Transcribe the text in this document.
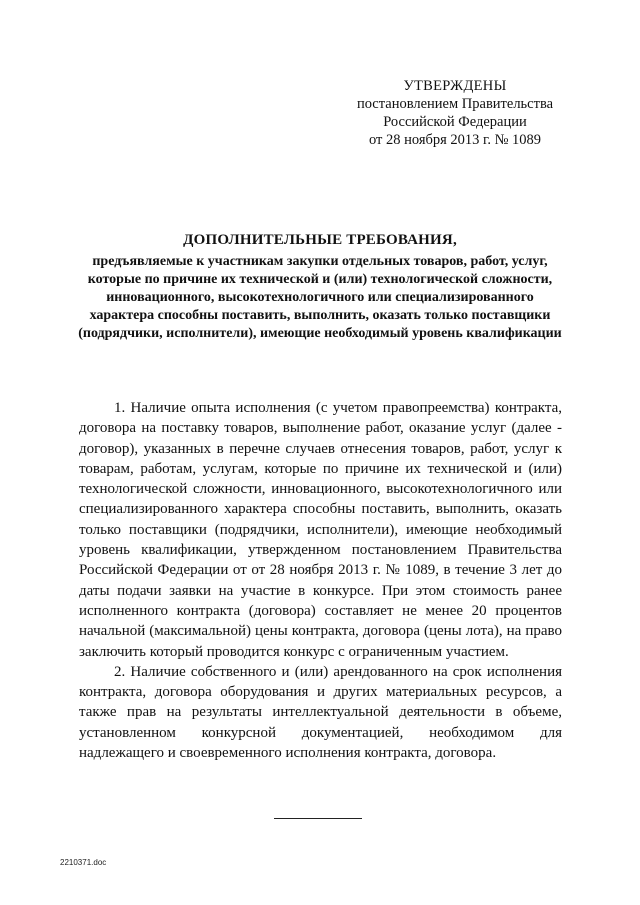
УТВЕРЖДЕНЫ
постановлением Правительства
Российской Федерации
от 28 ноября 2013 г. № 1089
ДОПОЛНИТЕЛЬНЫЕ ТРЕБОВАНИЯ,
предъявляемые к участникам закупки отдельных товаров, работ, услуг, которые по причине их технической и (или) технологической сложности, инновационного, высокотехнологичного или специализированного характера способны поставить, выполнить, оказать только поставщики (подрядчики, исполнители), имеющие необходимый уровень квалификации

1. Наличие опыта исполнения (с учетом правопреемства) контракта, договора на поставку товаров, выполнение работ, оказание услуг (далее - договор), указанных в перечне случаев отнесения товаров, работ, услуг к товарам, работам, услугам, которые по причине их технической и (или) технологической сложности, инновационного, высокотехнологичного или специализированного характера способны поставить, выполнить, оказать только поставщики (подрядчики, исполнители), имеющие необходимый уровень квалификации, утвержденном постановлением Правительства Российской Федерации от от 28 ноября 2013 г. № 1089, в течение 3 лет до даты подачи заявки на участие в конкурсе. При этом стоимость ранее исполненного контракта (договора) составляет не менее 20 процентов начальной (максимальной) цены контракта, договора (цены лота), на право заключить который проводится конкурс с ограниченным участием.

2. Наличие собственного и (или) арендованного на срок исполнения контракта, договора оборудования и других материальных ресурсов, а также прав на результаты интеллектуальной деятельности в объеме, установленном конкурсной документацией, необходимом для надлежащего и своевременного исполнения контракта, договора.

2210371.doc
